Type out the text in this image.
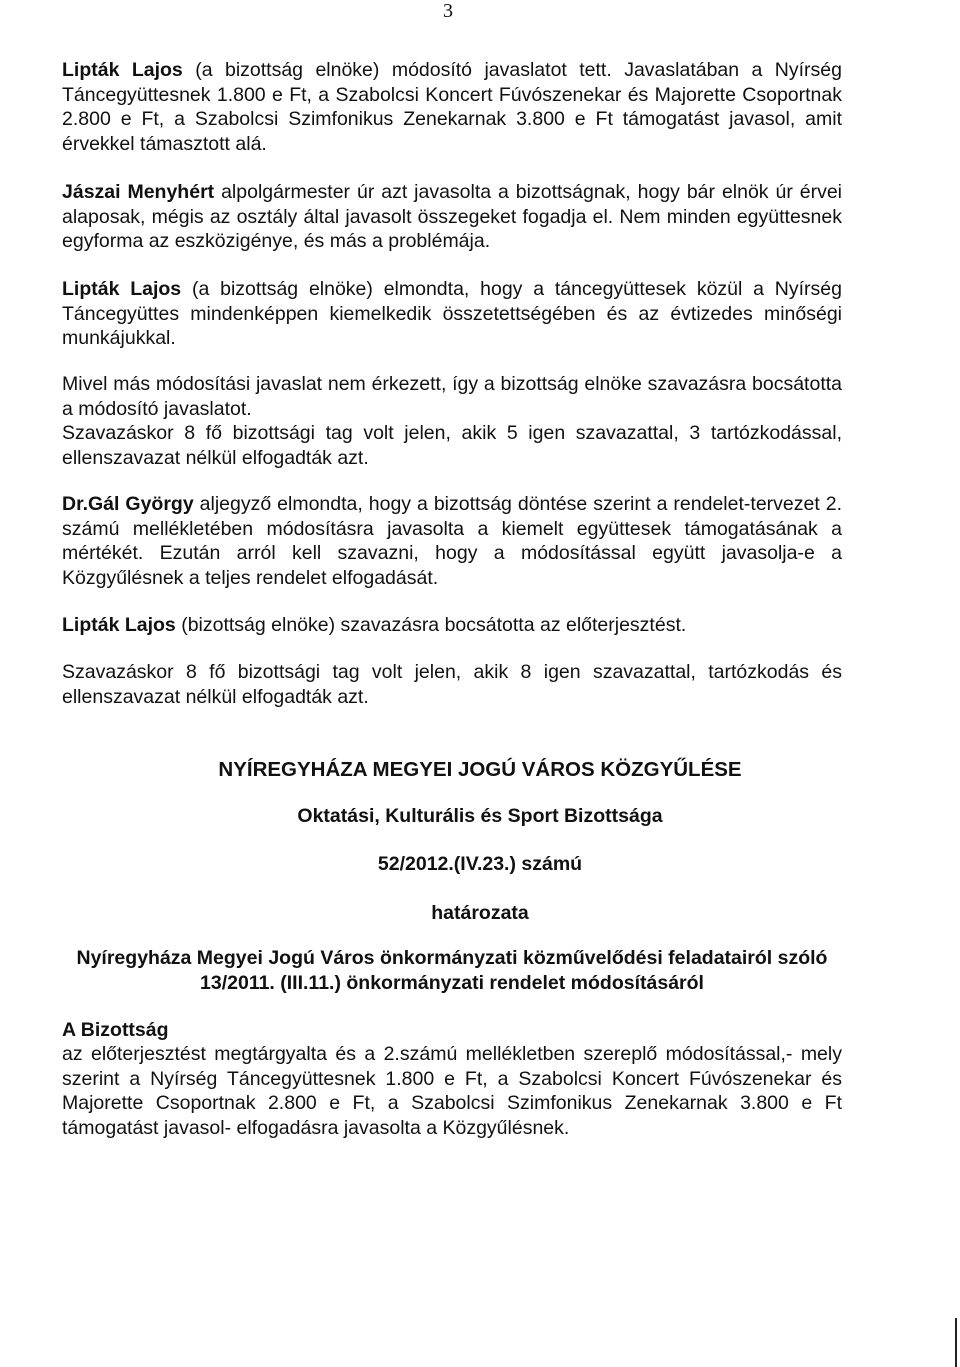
3

Lipták Lajos (a bizottság elnöke) módosító javaslatot tett. Javaslatában a Nyírség Táncegyüttesnek 1.800 e Ft, a Szabolcsi Koncert Fúvószenekar és Majorette Csoportnak 2.800 e Ft, a Szabolcsi Szimfonikus Zenekarnak 3.800 e Ft támogatást javasol, amit érvekkel támasztott alá.

Jászai Menyhért alpolgármester úr azt javasolta a bizottságnak, hogy bár elnök úr érvei alaposak, mégis az osztály által javasolt összegeket fogadja el. Nem minden együttesnek egyforma az eszközigénye, és más a problémája.

Lipták Lajos (a bizottság elnöke) elmondta, hogy a táncegyüttesek közül a Nyírség Táncegyüttes mindenképpen kiemelkedik összetettségében és az évtizedes minőségi munkájukkal.

Mivel más módosítási javaslat nem érkezett, így a bizottság elnöke szavazásra bocsátotta a módosító javaslatot.
Szavazáskor 8 fő bizottsági tag volt jelen, akik 5 igen szavazattal, 3 tartózkodással, ellenszavazat nélkül elfogadták azt.

Dr.Gál György aljegyző elmondta, hogy a bizottság döntése szerint a rendelet-tervezet 2. számú mellékletében módosításra javasolta a kiemelt együttesek támogatásának a mértékét. Ezután arról kell szavazni, hogy a módosítással együtt javasolja-e a Közgyűlésnek a teljes rendelet elfogadását.

Lipták Lajos (bizottság elnöke) szavazásra bocsátotta az előterjesztést.

Szavazáskor 8 fő bizottsági tag volt jelen, akik 8 igen szavazattal, tartózkodás és ellenszavazat nélkül elfogadták azt.

NYÍREGYHÁZA MEGYEI JOGÚ VÁROS KÖZGYŰLÉSE
Oktatási, Kulturális és Sport Bizottsága
52/2012.(IV.23.) számú
határozata

Nyíregyháza Megyei Jogú Város önkormányzati közművelődési feladatairól szóló 13/2011. (III.11.) önkormányzati rendelet módosításáról

A Bizottság

az előterjesztést megtárgyalta és a 2.számú mellékletben szereplő módosítással,- mely szerint a Nyírség Táncegyüttesnek 1.800 e Ft, a Szabolcsi Koncert Fúvószenekar és Majorette Csoportnak 2.800 e Ft, a Szabolcsi Szimfonikus Zenekarnak 3.800 e Ft támogatást javasol- elfogadásra javasolta a Közgyűlésnek.
